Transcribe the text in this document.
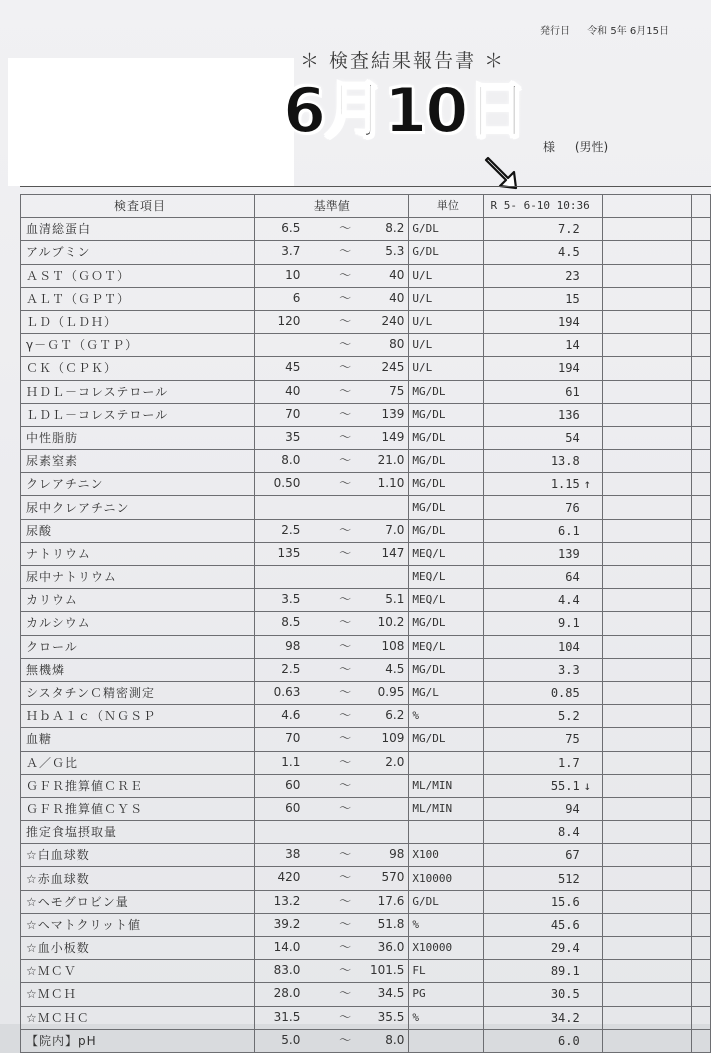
発行日 令和 5年 6月15日
＊ 検査結果報告書 ＊
6月10日	様 (男性)
検査項目	基準値	単位	R 5- 6-10 10:36		
血清総蛋白	6.5 ～ 8.2	G/DL	7.2		
アルブミン	3.7 ～ 5.3	G/DL	4.5		
ＡＳＴ（ＧＯＴ）	10 ～ 40	U/L	23		
ＡＬＴ（ＧＰＴ）	6 ～ 40	U/L	15		
ＬＤ（ＬＤＨ）	120 ～ 240	U/L	194		
γ－ＧＴ（ＧＴＰ）	～ 80	U/L	14		
ＣＫ（ＣＰＫ）	45 ～ 245	U/L	194		
ＨＤＬ－コレステロール	40 ～ 75	MG/DL	61		
ＬＤＬ－コレステロール	70 ～ 139	MG/DL	136		
中性脂肪	35 ～ 149	MG/DL	54		
尿素窒素	8.0 ～ 21.0	MG/DL	13.8		
クレアチニン	0.50 ～ 1.10	MG/DL	1.15 ↑		
尿中クレアチニン		MG/DL	76		
尿酸	2.5 ～ 7.0	MG/DL	6.1		
ナトリウム	135 ～ 147	MEQ/L	139		
尿中ナトリウム		MEQ/L	64		
カリウム	3.5 ～ 5.1	MEQ/L	4.4		
カルシウム	8.5 ～ 10.2	MG/DL	9.1		
クロール	98 ～ 108	MEQ/L	104		
無機燐	2.5 ～ 4.5	MG/DL	3.3		
シスタチンＣ精密測定	0.63 ～ 0.95	MG/L	0.85		
ＨｂＡ１ｃ（ＮＧＳＰ	4.6 ～ 6.2	%	5.2		
血糖	70 ～ 109	MG/DL	75		
Ａ／Ｇ比	1.1 ～ 2.0		1.7		
ＧＦＲ推算値ＣＲＥ	60 ～	ML/MIN	55.1 ↓		
ＧＦＲ推算値ＣＹＳ	60 ～	ML/MIN	94		
推定食塩摂取量			8.4		
☆白血球数	38 ～ 98	X100	67		
☆赤血球数	420 ～ 570	X10000	512		
☆ヘモグロビン量	13.2 ～ 17.6	G/DL	15.6		
☆ヘマトクリット値	39.2 ～ 51.8	%	45.6		
☆血小板数	14.0 ～ 36.0	X10000	29.4		
☆ＭＣＶ	83.0 ～ 101.5	FL	89.1		
☆ＭＣＨ	28.0 ～ 34.5	PG	30.5		
☆ＭＣＨＣ	31.5 ～ 35.5	%	34.2		
【院内】pH	5.0 ～ 8.0		6.0		
